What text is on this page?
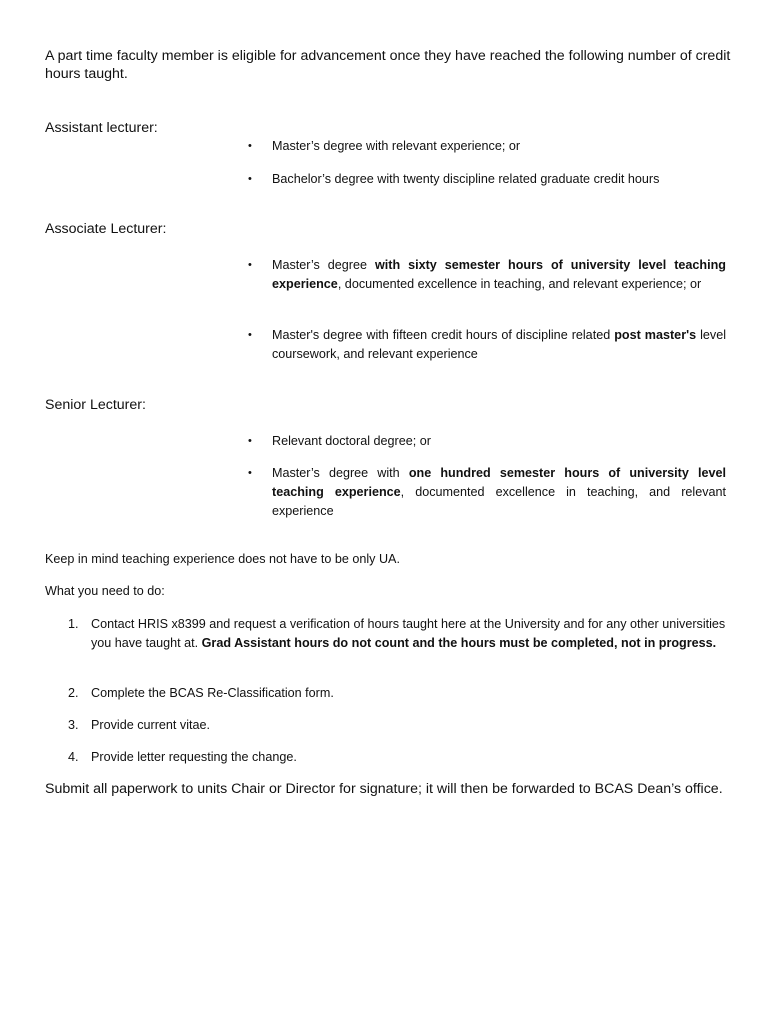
A part time faculty member is eligible for advancement once they have reached the following number of credit hours taught.

Assistant lecturer:

•	Master’s degree with relevant experience; or
•	Bachelor’s degree with twenty discipline related graduate credit hours

Associate Lecturer:

•	Master’s degree with sixty semester hours of university level teaching experience, documented excellence in teaching, and relevant experience; or
•	Master's degree with fifteen credit hours of discipline related post master's level coursework, and relevant experience

Senior Lecturer:

•	Relevant doctoral degree; or
•	Master’s degree with one hundred semester hours of university level teaching experience, documented excellence in teaching, and relevant experience

Keep in mind teaching experience does not have to be only UA.

What you need to do:

1. Contact HRIS x8399 and request a verification of hours taught here at the University and for any other universities you have taught at. Grad Assistant hours do not count and the hours must be completed, not in progress.
2. Complete the BCAS Re-Classification form.
3. Provide current vitae.
4. Provide letter requesting the change.

Submit all paperwork to units Chair or Director for signature; it will then be forwarded to BCAS Dean’s office.
